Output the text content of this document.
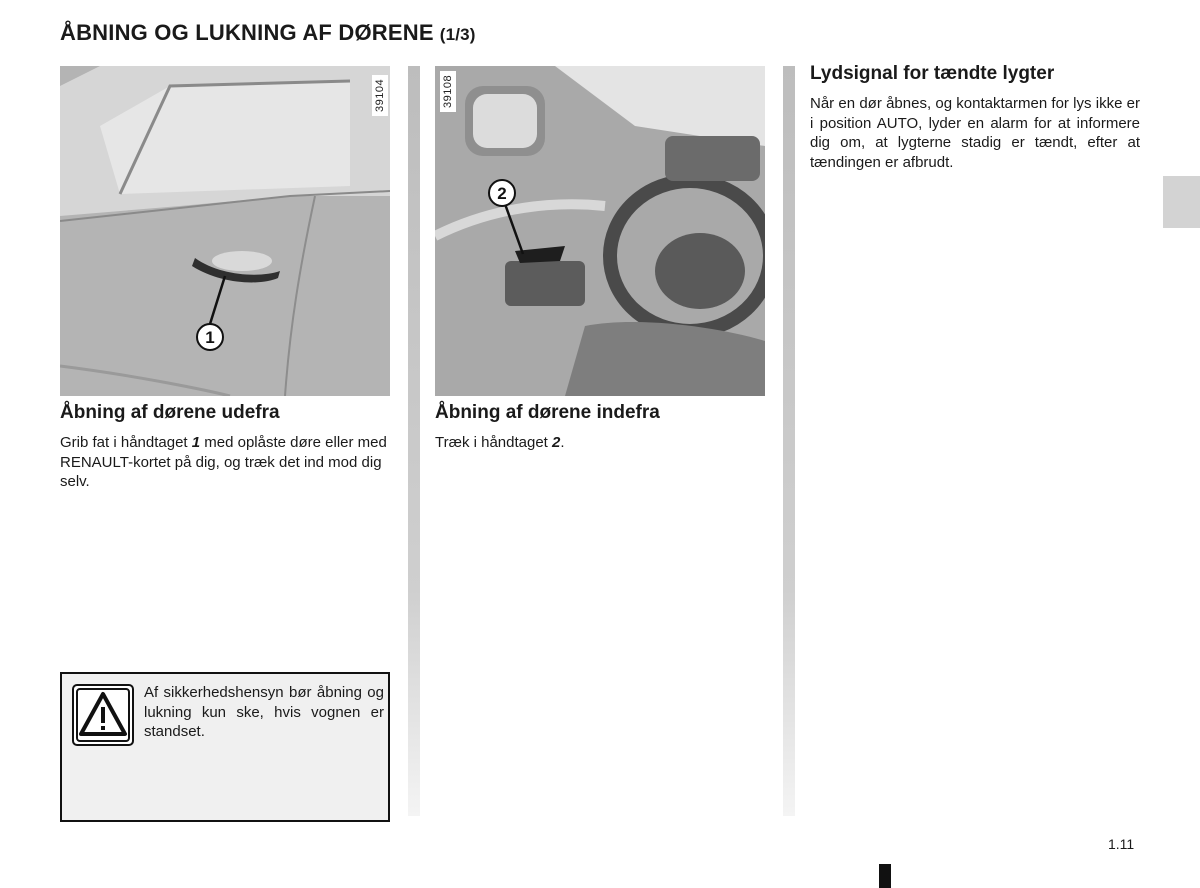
ÅBNING OG LUKNING AF DØRENE (1/3)
1
39104
2
39108
Åbning af dørene udefra

Grib fat i håndtaget 1 med oplåste døre eller med RENAULT-kortet på dig, og træk det ind mod dig selv.

Åbning af dørene indefra

Træk i håndtaget 2.

Lydsignal for tændte lygter

Når en dør åbnes, og kontaktarmen for lys ikke er i position AUTO, lyder en alarm for at informere dig om, at lygterne stadig er tændt, efter at tændingen er afbrudt.

Af sikkerhedshensyn bør åbning og lukning kun ske, hvis vognen er standset.

1.11
